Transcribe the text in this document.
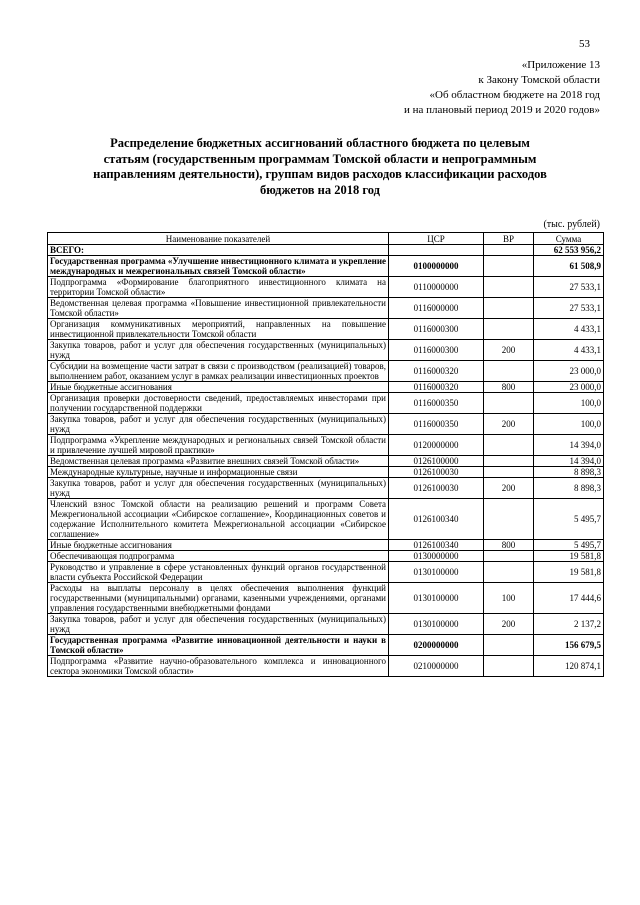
53
«Приложение 13
к Закону Томской области
«Об областном бюджете на 2018 год
и на плановый период 2019 и 2020 годов»
Распределение бюджетных ассигнований областного бюджета по целевым
статьям (государственным программам Томской области и непрограммным
направлениям деятельности), группам видов расходов классификации расходов
бюджетов на 2018 год
(тыс. рублей)
Наименование показателей	ЦСР	ВР	Сумма
ВСЕГО:			62 553 956,2
Государственная программа «Улучшение инвестиционного климата и укрепление международных и межрегиональных связей Томской области»	0100000000		61 508,9
Подпрограмма «Формирование благоприятного инвестиционного климата на территории Томской области»	0110000000		27 533,1
Ведомственная целевая программа «Повышение инвестиционной привлекательности Томской области»	0116000000		27 533,1
Организация коммуникативных мероприятий, направленных на повышение инвестиционной привлекательности Томской области	0116000300		4 433,1
Закупка товаров, работ и услуг для обеспечения государственных (муниципальных) нужд	0116000300	200	4 433,1
Субсидии на возмещение части затрат в связи с производством (реализацией) товаров, выполнением работ, оказанием услуг в рамках реализации инвестиционных проектов	0116000320		23 000,0
Иные бюджетные ассигнования	0116000320	800	23 000,0
Организация проверки достоверности сведений, предоставляемых инвесторами при получении государственной поддержки	0116000350		100,0
Закупка товаров, работ и услуг для обеспечения государственных (муниципальных) нужд	0116000350	200	100,0
Подпрограмма «Укрепление международных и региональных связей Томской области и привлечение лучшей мировой практики»	0120000000		14 394,0
Ведомственная целевая программа «Развитие внешних связей Томской области»	0126100000		14 394,0
Международные культурные, научные и информационные связи	0126100030		8 898,3
Закупка товаров, работ и услуг для обеспечения государственных (муниципальных) нужд	0126100030	200	8 898,3
Членский взнос Томской области на реализацию решений и программ Совета Межрегиональной ассоциации «Сибирское соглашение», Координационных советов и содержание Исполнительного комитета Межрегиональной ассоциации «Сибирское соглашение»	0126100340		5 495,7
Иные бюджетные ассигнования	0126100340	800	5 495,7
Обеспечивающая подпрограмма	0130000000		19 581,8
Руководство и управление в сфере установленных функций органов государственной власти субъекта Российской Федерации	0130100000		19 581,8
Расходы на выплаты персоналу в целях обеспечения выполнения функций государственными (муниципальными) органами, казенными учреждениями, органами управления государственными внебюджетными фондами	0130100000	100	17 444,6
Закупка товаров, работ и услуг для обеспечения государственных (муниципальных) нужд	0130100000	200	2 137,2
Государственная программа «Развитие инновационной деятельности и науки в Томской области»	0200000000		156 679,5
Подпрограмма «Развитие научно-образовательного комплекса и инновационного сектора экономики Томской области»	0210000000		120 874,1
